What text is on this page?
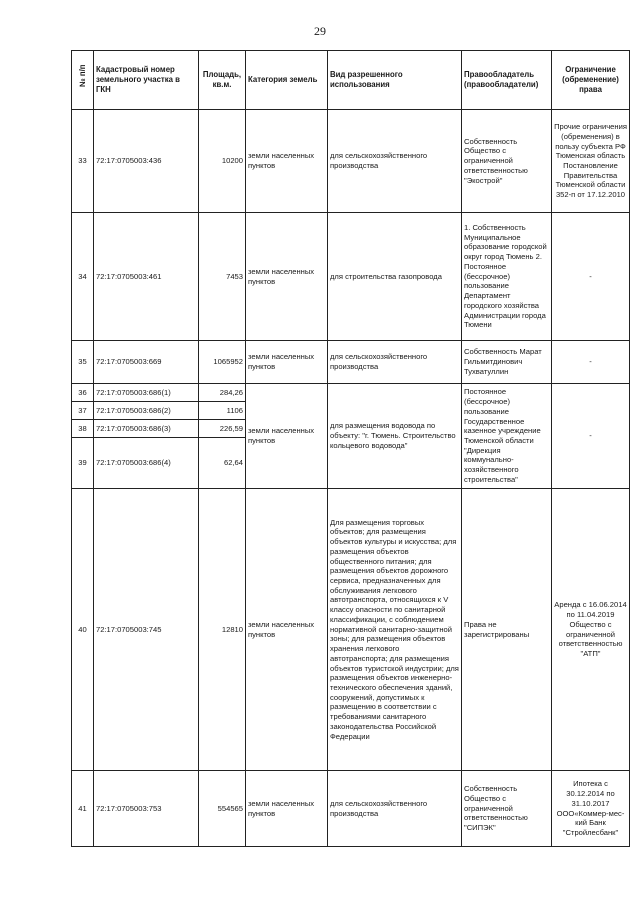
29
№ п/п	Кадастровый номер земельного участка в ГКН	Площадь, кв.м.	Категория земель	Вид разрешенного использования	Правообладатель (правообладатели)	Ограничение (обременение) права
33	72:17:0705003:436	10200	земли населенных пунктов	для сельскохозяйственного производства	Собственность Общество с ограниченной ответственностью "Экострой"	Прочие ограничения (обременения) в пользу субъекта РФ Тюменская область Постановление Правительства Тюменской области 352-п от 17.12.2010
34	72:17:0705003:461	7453	земли населенных пунктов	для строительства газопровода	1. Собственность Муниципальное образование городской округ город Тюмень 2. Постоянное (бессрочное) пользование Департамент городского хозяйства Администрации города Тюмени	-
35	72:17:0705003:669	1065952	земли населенных пунктов	для сельскохозяйственного производства	Собственность Марат Гильмитдинович Тухватуллин	-
36	72:17:0705003:686(1)	284,26	земли населенных пунктов	для размещения водовода по объекту: "г. Тюмень. Строительство кольцевого водовода"	Постоянное (бессрочное) пользование Государственное казенное учреждение Тюменской области "Дирекция коммунально-хозяйственного строительства"	-
37	72:17:0705003:686(2)	1106				
38	72:17:0705003:686(3)	226,59				
39	72:17:0705003:686(4)	62,64				
40	72:17:0705003:745	12810	земли населенных пунктов	Для размещения торговых объектов; для размещения объектов культуры и искусства; для размещения объектов общественного питания; для размещения объектов дорожного сервиса, предназначенных для обслуживания легкового автотранспорта, относящихся к V классу опасности по санитарной классификации, с соблюдением нормативной санитарно-защитной зоны; для размещения объектов хранения легкового автотранспорта; для размещения объектов туристской индустрии; для размещения объектов инженерно-технического обеспечения зданий, сооружений, допустимых к размещению в соответствии с требованиями санитарного законодательства Российской Федерации	Права не зарегистрированы	Аренда с 16.06.2014 по 11.04.2019 Общество с ограниченной ответственностью "АТП"
41	72:17:0705003:753	554565	земли населенных пунктов	для сельскохозяйственного производства	Собственность Общество с ограниченной ответственностью "СИПЭК"	Ипотека с 30.12.2014 по 31.10.2017 ООО«Коммер-мес-кий Банк "Стройлесбанк"
